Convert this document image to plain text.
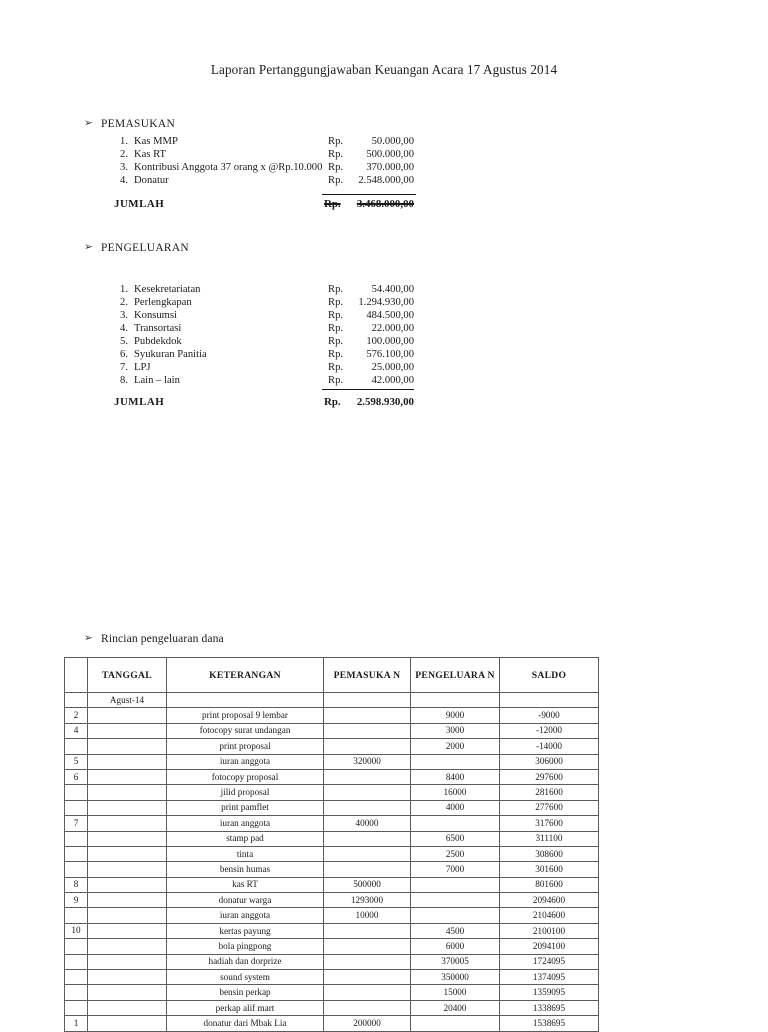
Laporan Pertanggungjawaban Keuangan Acara 17 Agustus 2014
➢ PEMASUKAN
1. Kas MMP	Rp.	50.000,00
2. Kas RT	Rp.	500.000,00
3. Kontribusi Anggota 37 orang x @Rp.10.000 Rp.	370.000,00
4. Donatur	Rp.	2.548.000,00
JUMLAH	Rp.	3.468.000,00
➢ PENGELUARAN
1. Kesekretariatan	Rp.	54.400,00
2. Perlengkapan	Rp.	1.294.930,00
3. Konsumsi	Rp.	484.500,00
4. Transortasi	Rp.	22.000,00
5. Pubdekdok	Rp.	100.000,00
6. Syukuran Panitia	Rp.	576.100,00
7. LPJ	Rp.	25.000,00
8. Lain – lain	Rp.	42.000,00
JUMLAH	Rp.	2.598.930,00
➢ Rincian pengeluaran dana
	TANGGAL	KETERANGAN	PEMASUKA N	PENGELUARA N	SALDO
	Agust-14				
2		print proposal 9 lembar		9000	-9000
4		fotocopy surat undangan		3000	-12000
		print proposal		2000	-14000
5		iuran anggota	320000		306000
6		fotocopy proposal		8400	297600
		jilid proposal		16000	281600
		print pamflet		4000	277600
7		iuran anggota	40000		317600
		stamp pad		6500	311100
		tinta		2500	308600
		bensin humas		7000	301600
8		kas RT	500000		801600
9		donatur warga	1293000		2094600
		iuran anggota	10000		2104600
10		kertas payung		4500	2100100
		bola pingpong		6000	2094100
		hadiah dan dorprize		370005	1724095
		sound system		350000	1374095
		bensin perkap		15000	1359095
		perkap alif mart		20400	1338695
1		donatur dari Mbak Lia	200000		1538695
